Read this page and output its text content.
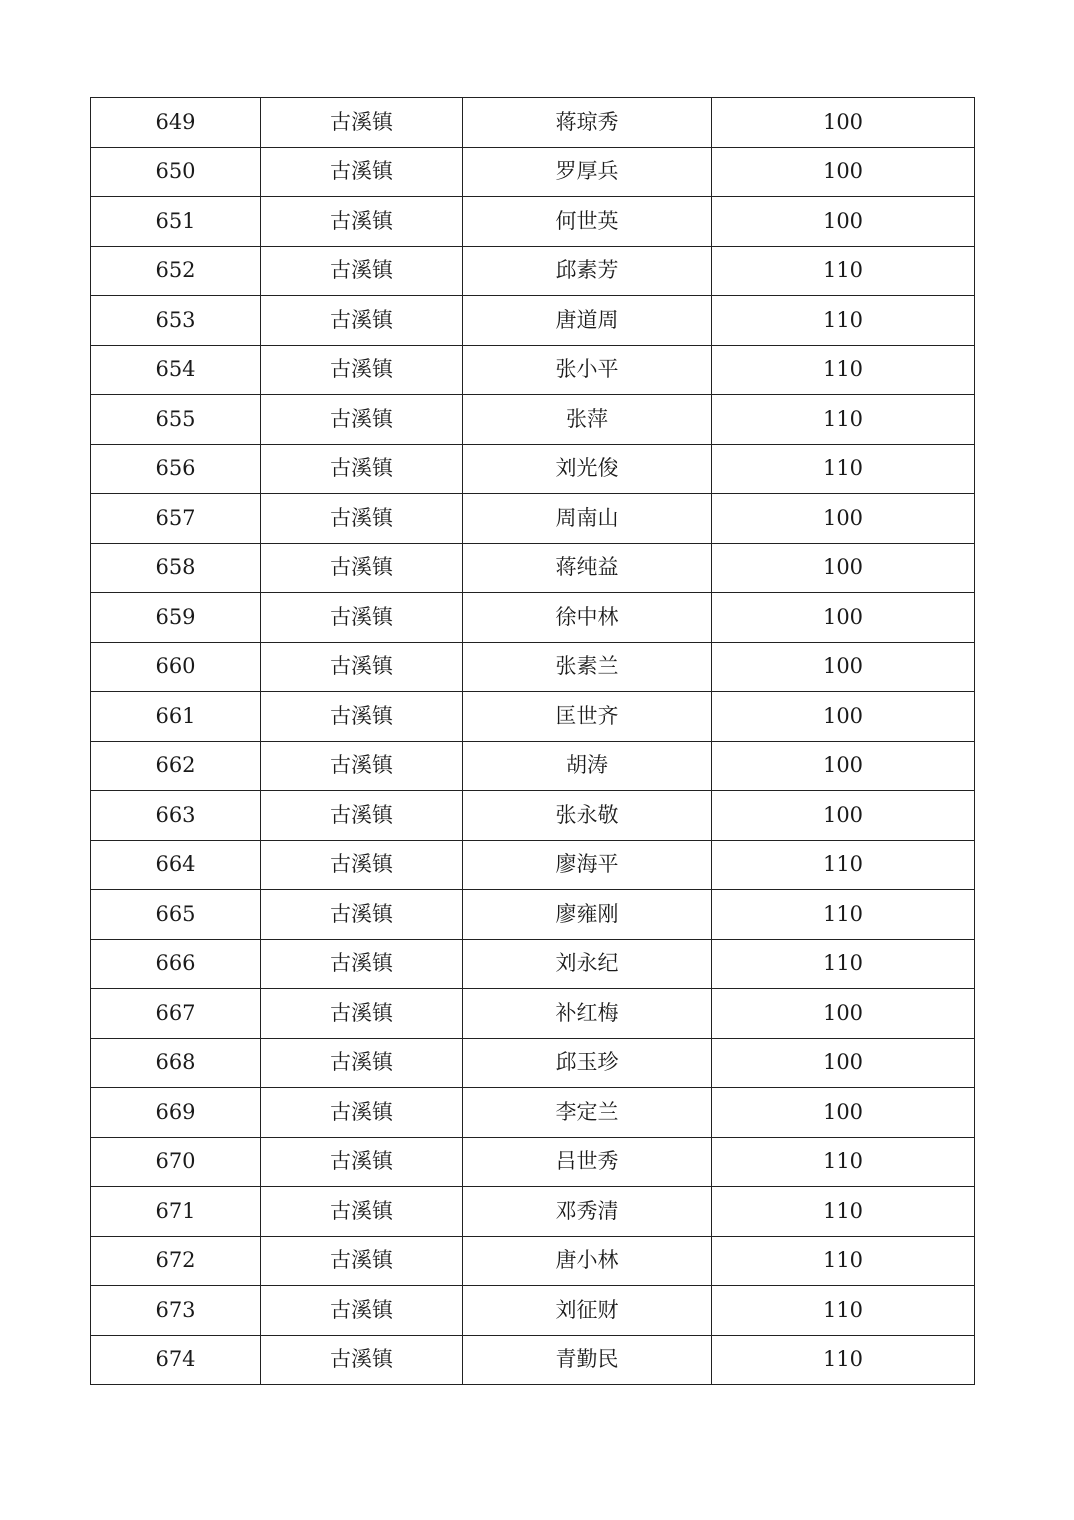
649	古溪镇	蒋琼秀	100
650	古溪镇	罗厚兵	100
651	古溪镇	何世英	100
652	古溪镇	邱素芳	110
653	古溪镇	唐道周	110
654	古溪镇	张小平	110
655	古溪镇	张萍	110
656	古溪镇	刘光俊	110
657	古溪镇	周南山	100
658	古溪镇	蒋纯益	100
659	古溪镇	徐中林	100
660	古溪镇	张素兰	100
661	古溪镇	匡世齐	100
662	古溪镇	胡涛	100
663	古溪镇	张永敬	100
664	古溪镇	廖海平	110
665	古溪镇	廖雍刚	110
666	古溪镇	刘永纪	110
667	古溪镇	补红梅	100
668	古溪镇	邱玉珍	100
669	古溪镇	李定兰	100
670	古溪镇	吕世秀	110
671	古溪镇	邓秀清	110
672	古溪镇	唐小林	110
673	古溪镇	刘征财	110
674	古溪镇	青勤民	110
